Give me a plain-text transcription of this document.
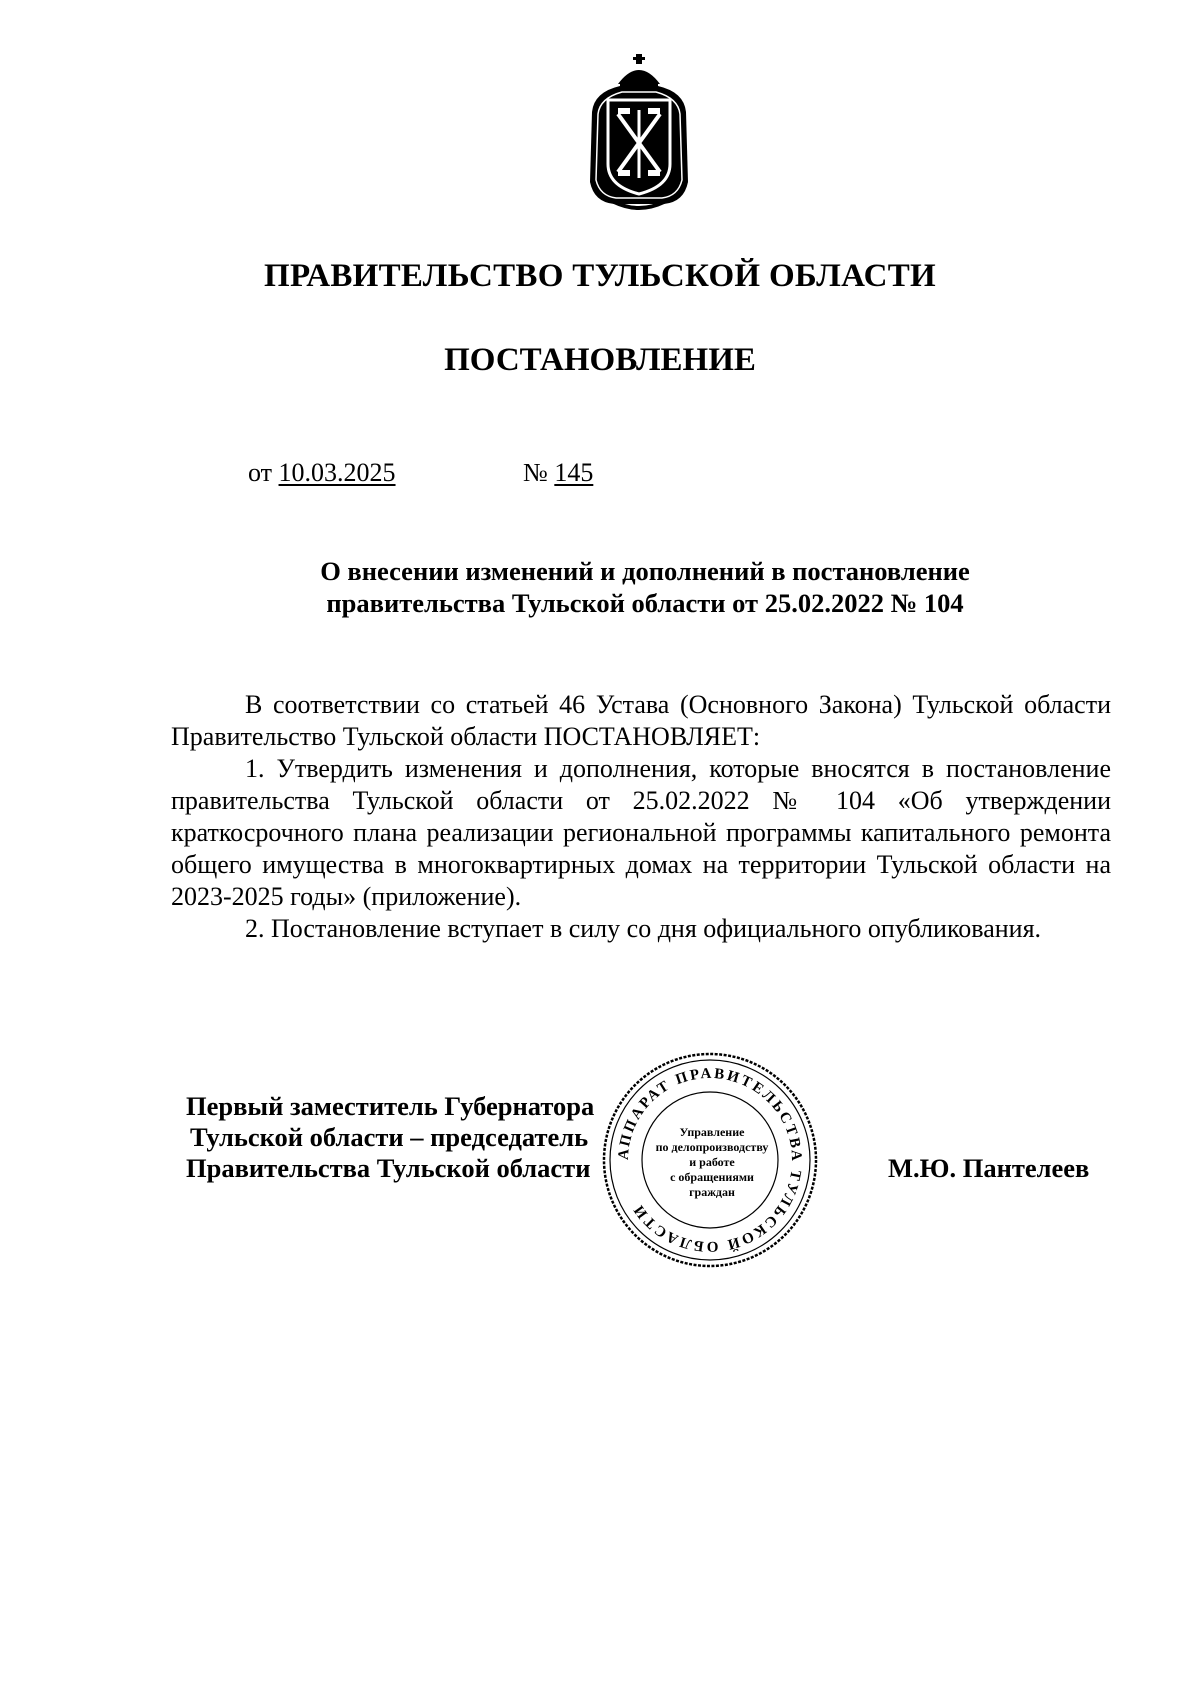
ПРАВИТЕЛЬСТВО ТУЛЬСКОЙ ОБЛАСТИ
ПОСТАНОВЛЕНИЕ
от 10.03.2025	№ 145
О внесении изменений и дополнений в постановление
правительства Тульской области от 25.02.2022 № 104

В соответствии со статьей 46 Устава (Основного Закона) Тульской области Правительство Тульской области ПОСТАНОВЛЯЕТ:

1. Утвердить изменения и дополнения, которые вносятся в постановление правительства Тульской области от 25.02.2022 № 104 «Об утверждении краткосрочного плана реализации региональной программы капитального ремонта общего имущества в многоквартирных домах на территории Тульской области на 2023-2025 годы» (приложение).

2. Постановление вступает в силу со дня официального опубликования.

Первый заместитель Губернатора
Тульской области – председатель
Правительства Тульской области	М.Ю. Пантелеев
АППАРАТ ПРАВИТЕЛЬСТВА ТУЛЬСКОЙ ОБЛАСТИ
Управление
по делопроизводству
и работе
с обращениями
граждан
